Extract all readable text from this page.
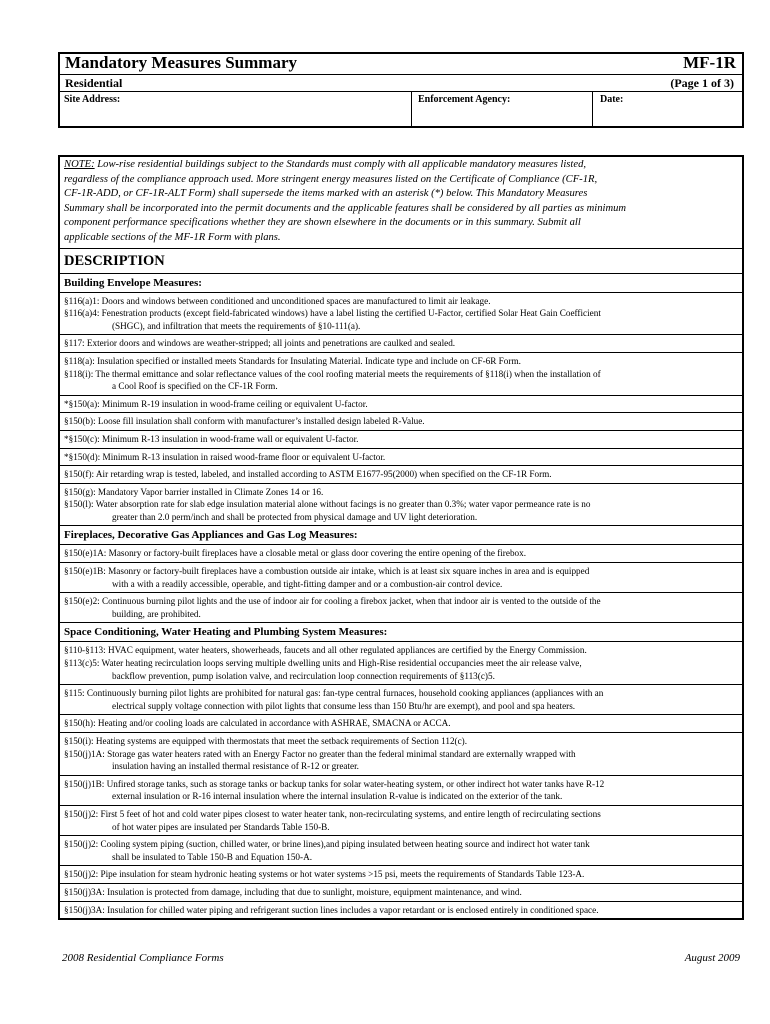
Mandatory Measures Summary	MF-1R
Residential	(Page 1 of 3)
Site Address:	Enforcement Agency:	Date:
NOTE: Low-rise residential buildings subject to the Standards must comply with all applicable mandatory measures listed,
regardless of the compliance approach used. More stringent energy measures listed on the Certificate of Compliance (CF-1R,
CF-1R-ADD, or CF-1R-ALT Form) shall supersede the items marked with an asterisk (*) below. This Mandatory Measures
Summary shall be incorporated into the permit documents and the applicable features shall be considered by all parties as minimum
component performance specifications whether they are shown elsewhere in the documents or in this summary. Submit all
applicable sections of the MF-1R Form with plans.
DESCRIPTION
Building Envelope Measures:
§116(a)1: Doors and windows between conditioned and unconditioned spaces are manufactured to limit air leakage.
§116(a)4: Fenestration products (except field-fabricated windows) have a label listing the certified U-Factor, certified Solar Heat Gain Coefficient
(SHGC), and infiltration that meets the requirements of §10-111(a).
§117: Exterior doors and windows are weather-stripped; all joints and penetrations are caulked and sealed.
§118(a): Insulation specified or installed meets Standards for Insulating Material. Indicate type and include on CF-6R Form.
§118(i): The thermal emittance and solar reflectance values of the cool roofing material meets the requirements of §118(i) when the installation of
a Cool Roof is specified on the CF-1R Form.
*§150(a): Minimum R-19 insulation in wood-frame ceiling or equivalent U-factor.
§150(b): Loose fill insulation shall conform with manufacturer’s installed design labeled R-Value.
*§150(c): Minimum R-13 insulation in wood-frame wall or equivalent U-factor.
*§150(d): Minimum R-13 insulation in raised wood-frame floor or equivalent U-factor.
§150(f): Air retarding wrap is tested, labeled, and installed according to ASTM E1677-95(2000) when specified on the CF-1R Form.
§150(g): Mandatory Vapor barrier installed in Climate Zones 14 or 16.
§150(l): Water absorption rate for slab edge insulation material alone without facings is no greater than 0.3%; water vapor permeance rate is no
greater than 2.0 perm/inch and shall be protected from physical damage and UV light deterioration.
Fireplaces, Decorative Gas Appliances and Gas Log Measures:
§150(e)1A: Masonry or factory-built fireplaces have a closable metal or glass door covering the entire opening of the firebox.
§150(e)1B: Masonry or factory-built fireplaces have a combustion outside air intake, which is at least six square inches in area and is equipped
with a with a readily accessible, operable, and tight-fitting damper and or a combustion-air control device.
§150(e)2: Continuous burning pilot lights and the use of indoor air for cooling a firebox jacket, when that indoor air is vented to the outside of the
building, are prohibited.
Space Conditioning, Water Heating and Plumbing System Measures:
§110-§113: HVAC equipment, water heaters, showerheads, faucets and all other regulated appliances are certified by the Energy Commission.
§113(c)5: Water heating recirculation loops serving multiple dwelling units and High-Rise residential occupancies meet the air release valve,
backflow prevention, pump isolation valve, and recirculation loop connection requirements of §113(c)5.
§115: Continuously burning pilot lights are prohibited for natural gas: fan-type central furnaces, household cooking appliances (appliances with an
electrical supply voltage connection with pilot lights that consume less than 150 Btu/hr are exempt), and pool and spa heaters.
§150(h): Heating and/or cooling loads are calculated in accordance with ASHRAE, SMACNA or ACCA.
§150(i): Heating systems are equipped with thermostats that meet the setback requirements of Section 112(c).
§150(j)1A: Storage gas water heaters rated with an Energy Factor no greater than the federal minimal standard are externally wrapped with
insulation having an installed thermal resistance of R-12 or greater.
§150(j)1B: Unfired storage tanks, such as storage tanks or backup tanks for solar water-heating system, or other indirect hot water tanks have R-12
external insulation or R-16 internal insulation where the internal insulation R-value is indicated on the exterior of the tank.
§150(j)2: First 5 feet of hot and cold water pipes closest to water heater tank, non-recirculating systems, and entire length of recirculating sections
of hot water pipes are insulated per Standards Table 150-B.
§150(j)2: Cooling system piping (suction, chilled water, or brine lines),and piping insulated between heating source and indirect hot water tank
shall be insulated to Table 150-B and Equation 150-A.
§150(j)2: Pipe insulation for steam hydronic heating systems or hot water systems >15 psi, meets the requirements of Standards Table 123-A.
§150(j)3A: Insulation is protected from damage, including that due to sunlight, moisture, equipment maintenance, and wind.
§150(j)3A: Insulation for chilled water piping and refrigerant suction lines includes a vapor retardant or is enclosed entirely in conditioned space.
2008 Residential Compliance Forms	August 2009
